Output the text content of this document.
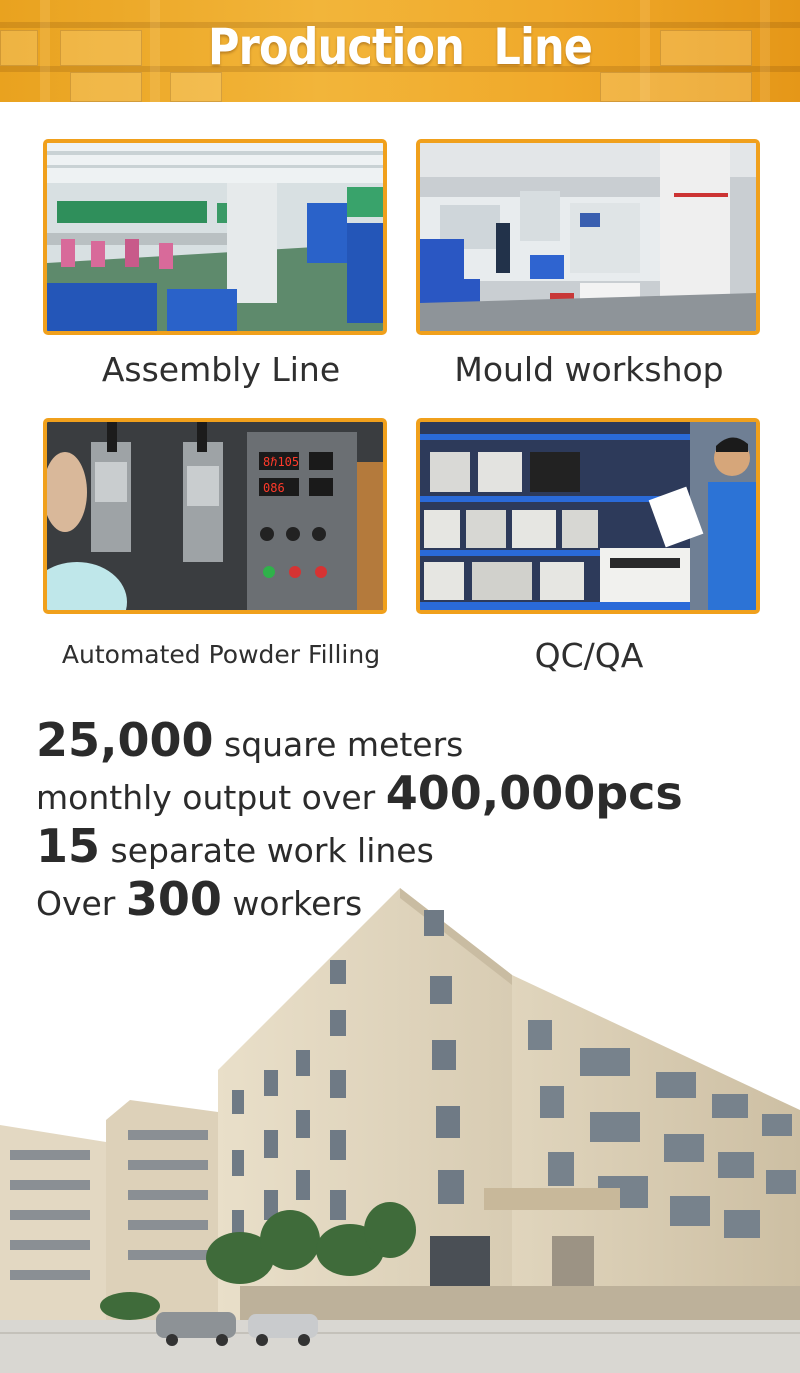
Production Line
Assembly Line	Mould workshop
8ℏ105
086
Automated Powder Filling	QC/QA
25,000 square meters
monthly output over 400,000pcs
15 separate work lines
Over 300 workers
